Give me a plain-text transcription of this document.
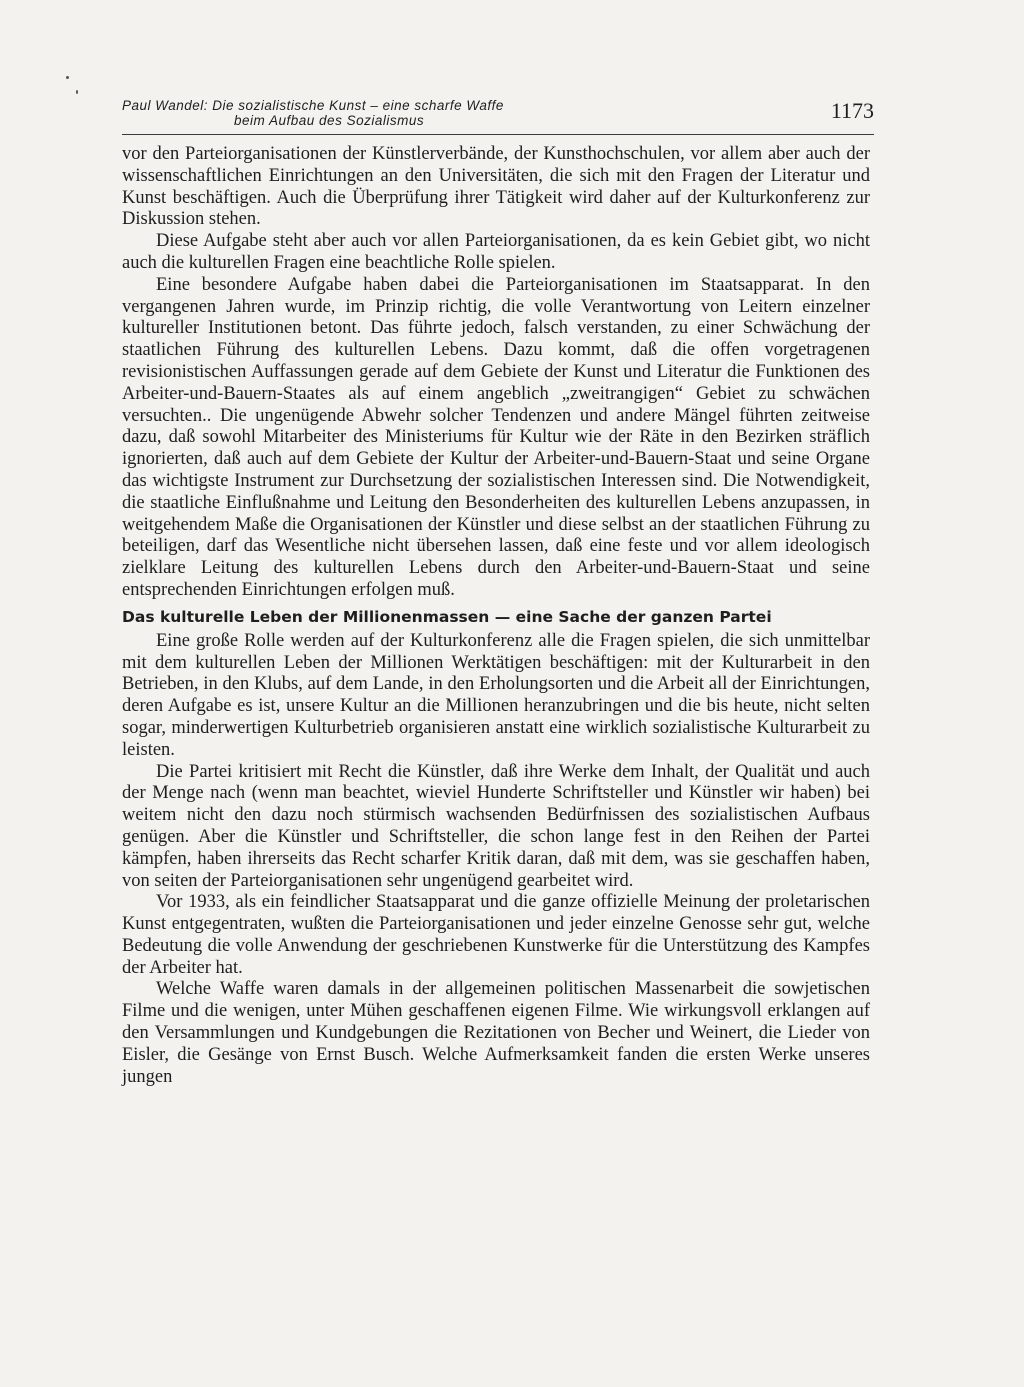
Paul Wandel: Die sozialistische Kunst – eine scharfe Waffe
beim Aufbau des Sozialismus	1173

vor den Parteiorganisationen der Künstlerverbände, der Kunsthochschulen, vor allem aber auch der wissenschaftlichen Einrichtungen an den Universitäten, die sich mit den Fragen der Literatur und Kunst beschäftigen. Auch die Überprüfung ihrer Tätigkeit wird daher auf der Kulturkonferenz zur Diskussion stehen.

Diese Aufgabe steht aber auch vor allen Parteiorganisationen, da es kein Gebiet gibt, wo nicht auch die kulturellen Fragen eine beachtliche Rolle spielen.

Eine besondere Aufgabe haben dabei die Parteiorganisationen im Staatsapparat. In den vergangenen Jahren wurde, im Prinzip richtig, die volle Verantwortung von Leitern einzelner kultureller Institutionen betont. Das führte jedoch, falsch verstanden, zu einer Schwächung der staatlichen Führung des kulturellen Lebens. Dazu kommt, daß die offen vorgetragenen revisionistischen Auffassungen gerade auf dem Gebiete der Kunst und Literatur die Funktionen des Arbeiter-und-Bauern-Staates als auf einem angeblich „zweitrangigen“ Gebiet zu schwächen versuchten.. Die ungenügende Abwehr solcher Tendenzen und andere Mängel führten zeitweise dazu, daß sowohl Mitarbeiter des Ministeriums für Kultur wie der Räte in den Bezirken sträflich ignorierten, daß auch auf dem Gebiete der Kultur der Arbeiter-und-Bauern-Staat und seine Organe das wichtigste Instrument zur Durchsetzung der sozialistischen Interessen sind. Die Notwendigkeit, die staatliche Einflußnahme und Leitung den Besonderheiten des kulturellen Lebens anzupassen, in weitgehendem Maße die Organisationen der Künstler und diese selbst an der staatlichen Führung zu beteiligen, darf das Wesentliche nicht übersehen lassen, daß eine feste und vor allem ideologisch zielklare Leitung des kulturellen Lebens durch den Arbeiter-und-Bauern-Staat und seine entsprechenden Einrichtungen erfolgen muß.

Das kulturelle Leben der Millionenmassen — eine Sache der ganzen Partei

Eine große Rolle werden auf der Kulturkonferenz alle die Fragen spielen, die sich unmittelbar mit dem kulturellen Leben der Millionen Werktätigen beschäftigen: mit der Kulturarbeit in den Betrieben, in den Klubs, auf dem Lande, in den Erholungsorten und die Arbeit all der Einrichtungen, deren Aufgabe es ist, unsere Kultur an die Millionen heranzubringen und die bis heute, nicht selten sogar, minderwertigen Kulturbetrieb organisieren anstatt eine wirklich sozialistische Kulturarbeit zu leisten.

Die Partei kritisiert mit Recht die Künstler, daß ihre Werke dem Inhalt, der Qualität und auch der Menge nach (wenn man beachtet, wieviel Hunderte Schriftsteller und Künstler wir haben) bei weitem nicht den dazu noch stürmisch wachsenden Bedürfnissen des sozialistischen Aufbaus genügen. Aber die Künstler und Schriftsteller, die schon lange fest in den Reihen der Partei kämpfen, haben ihrerseits das Recht scharfer Kritik daran, daß mit dem, was sie geschaffen haben, von seiten der Parteiorganisationen sehr ungenügend gearbeitet wird.

Vor 1933, als ein feindlicher Staatsapparat und die ganze offizielle Meinung der proletarischen Kunst entgegentraten, wußten die Parteiorganisationen und jeder einzelne Genosse sehr gut, welche Bedeutung die volle Anwendung der geschriebenen Kunstwerke für die Unterstützung des Kampfes der Arbeiter hat.

Welche Waffe waren damals in der allgemeinen politischen Massenarbeit die sowjetischen Filme und die wenigen, unter Mühen geschaffenen eigenen Filme. Wie wirkungsvoll erklangen auf den Versammlungen und Kundgebungen die Rezitationen von Becher und Weinert, die Lieder von Eisler, die Gesänge von Ernst Busch. Welche Aufmerksamkeit fanden die ersten Werke unseres jungen
